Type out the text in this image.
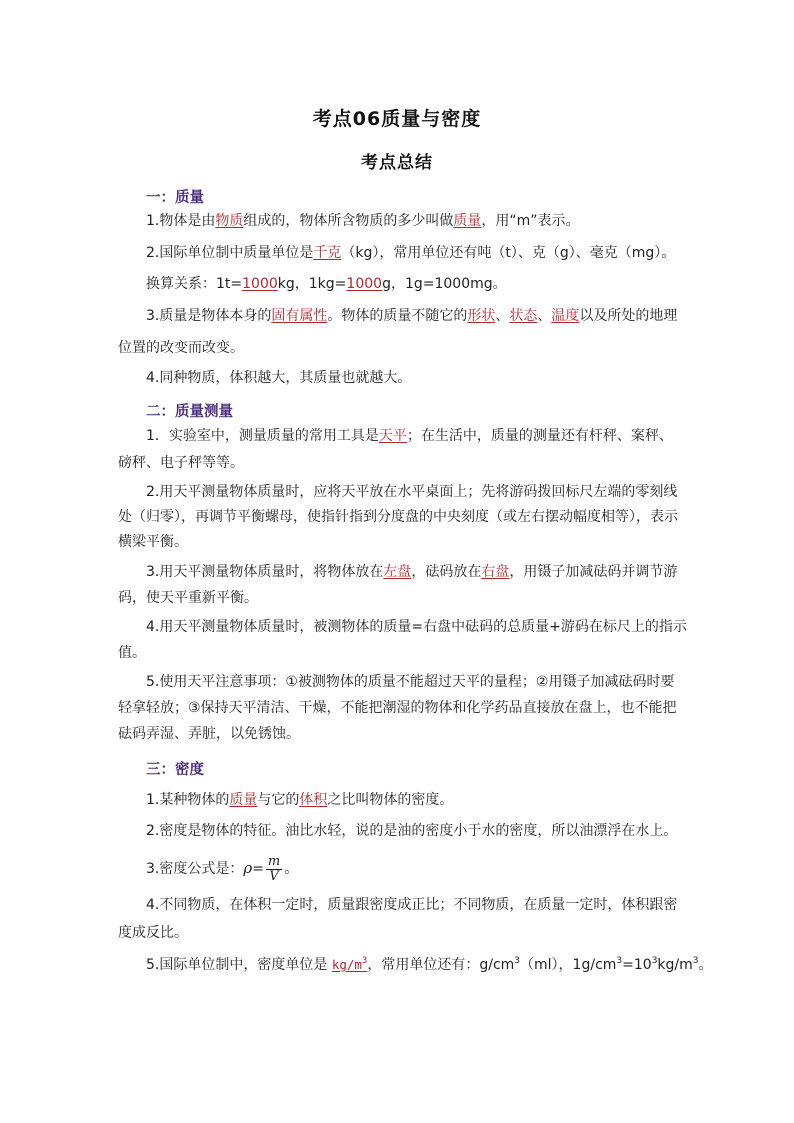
考点06质量与密度
考点总结
一：质量
1.物体是由物质组成的，物体所含物质的多少叫做质量，用“m”表示。
2.国际单位制中质量单位是千克（kg），常用单位还有吨（t）、克（g）、毫克（mg）。
换算关系：1t=1000kg，1kg=1000g，1g=1000mg。
3.质量是物体本身的固有属性。物体的质量不随它的形状、状态、温度以及所处的地理
位置的改变而改变。
4.同种物质，体积越大，其质量也就越大。
二：质量测量
1．实验室中，测量质量的常用工具是天平；在生活中，质量的测量还有杆秤、案秤、
磅秤、电子秤等等。
2.用天平测量物体质量时，应将天平放在水平桌面上；先将游码拨回标尺左端的零刻线
处（归零），再调节平衡螺母，使指针指到分度盘的中央刻度（或左右摆动幅度相等），表示
横梁平衡。
3.用天平测量物体质量时，将物体放在左盘，砝码放在右盘，用镊子加减砝码并调节游
码，使天平重新平衡。
4.用天平测量物体质量时，被测物体的质量=右盘中砝码的总质量+游码在标尺上的指示
值。
5.使用天平注意事项：①被测物体的质量不能超过天平的量程；②用镊子加减砝码时要
轻拿轻放；③保持天平清洁、干燥，不能把潮湿的物体和化学药品直接放在盘上，也不能把
砝码弄湿、弄脏，以免锈蚀。
三：密度
1.某种物体的质量与它的体积之比叫物体的密度。
2.密度是物体的特征。油比水轻，说的是油的密度小于水的密度，所以油漂浮在水上。
3.密度公式是：$\rho= \frac{m}{V}$ 。
4.不同物质，在体积一定时，质量跟密度成正比；不同物质，在质量一定时，体积跟密
度成反比。
5.国际单位制中，密度单位是 $kg/m^3$，常用单位还有：$g/cm^3(ml)$，$1g/cm^3=10^3kg/m^3$。
